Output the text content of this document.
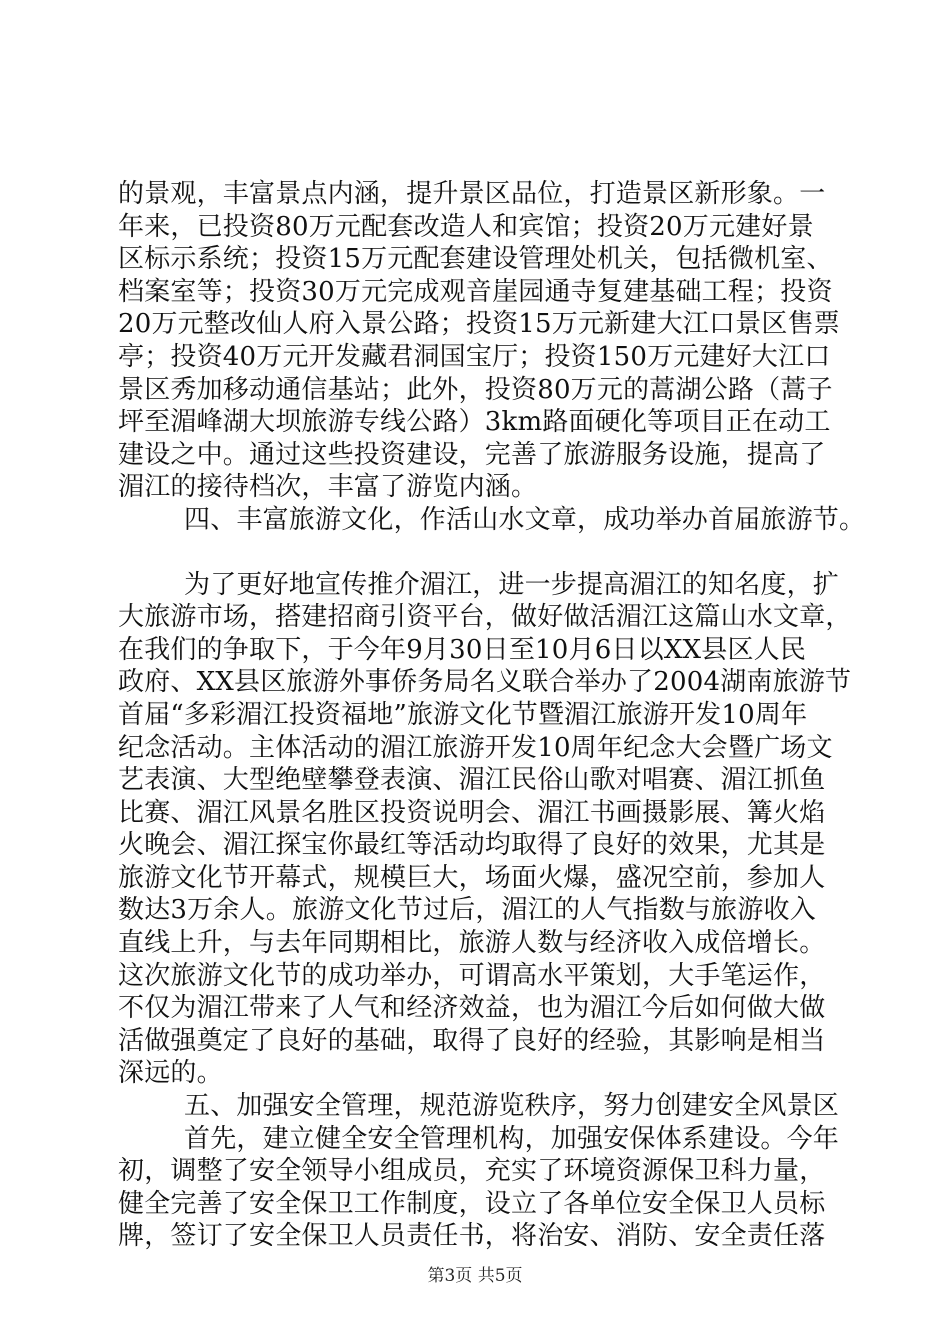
的景观，丰富景点内涵，提升景区品位，打造景区新形象。一
年来，已投资80万元配套改造人和宾馆；投资20万元建好景
区标示系统；投资15万元配套建设管理处机关，包括微机室、
档案室等；投资30万元完成观音崖园通寺复建基础工程；投资
20万元整改仙人府入景公路；投资15万元新建大江口景区售票
亭；投资40万元开发藏君洞国宝厅；投资150万元建好大江口
景区秀加移动通信基站；此外，投资80万元的蒿湖公路（蒿子
坪至湄峰湖大坝旅游专线公路）3km路面硬化等项目正在动工
建设之中。通过这些投资建设，完善了旅游服务设施，提高了
湄江的接待档次，丰富了游览内涵。
四、丰富旅游文化，作活山水文章，成功举办首届旅游节。
为了更好地宣传推介湄江，进一步提高湄江的知名度，扩
大旅游市场，搭建招商引资平台，做好做活湄江这篇山水文章，
在我们的争取下，于今年9月30日至10月6日以XX县区人民
政府、XX县区旅游外事侨务局名义联合举办了2004湖南旅游节
首届“多彩湄江投资福地”旅游文化节暨湄江旅游开发10周年
纪念活动。主体活动的湄江旅游开发10周年纪念大会暨广场文
艺表演、大型绝壁攀登表演、湄江民俗山歌对唱赛、湄江抓鱼
比赛、湄江风景名胜区投资说明会、湄江书画摄影展、篝火焰
火晚会、湄江探宝你最红等活动均取得了良好的效果，尤其是
旅游文化节开幕式，规模巨大，场面火爆，盛况空前，参加人
数达3万余人。旅游文化节过后，湄江的人气指数与旅游收入
直线上升，与去年同期相比，旅游人数与经济收入成倍增长。
这次旅游文化节的成功举办，可谓高水平策划，大手笔运作，
不仅为湄江带来了人气和经济效益，也为湄江今后如何做大做
活做强奠定了良好的基础，取得了良好的经验，其影响是相当
深远的。
五、加强安全管理，规范游览秩序，努力创建安全风景区
首先，建立健全安全管理机构，加强安保体系建设。今年
初，调整了安全领导小组成员，充实了环境资源保卫科力量，
健全完善了安全保卫工作制度，设立了各单位安全保卫人员标
牌，签订了安全保卫人员责任书，将治安、消防、安全责任落
第3页 共5页
